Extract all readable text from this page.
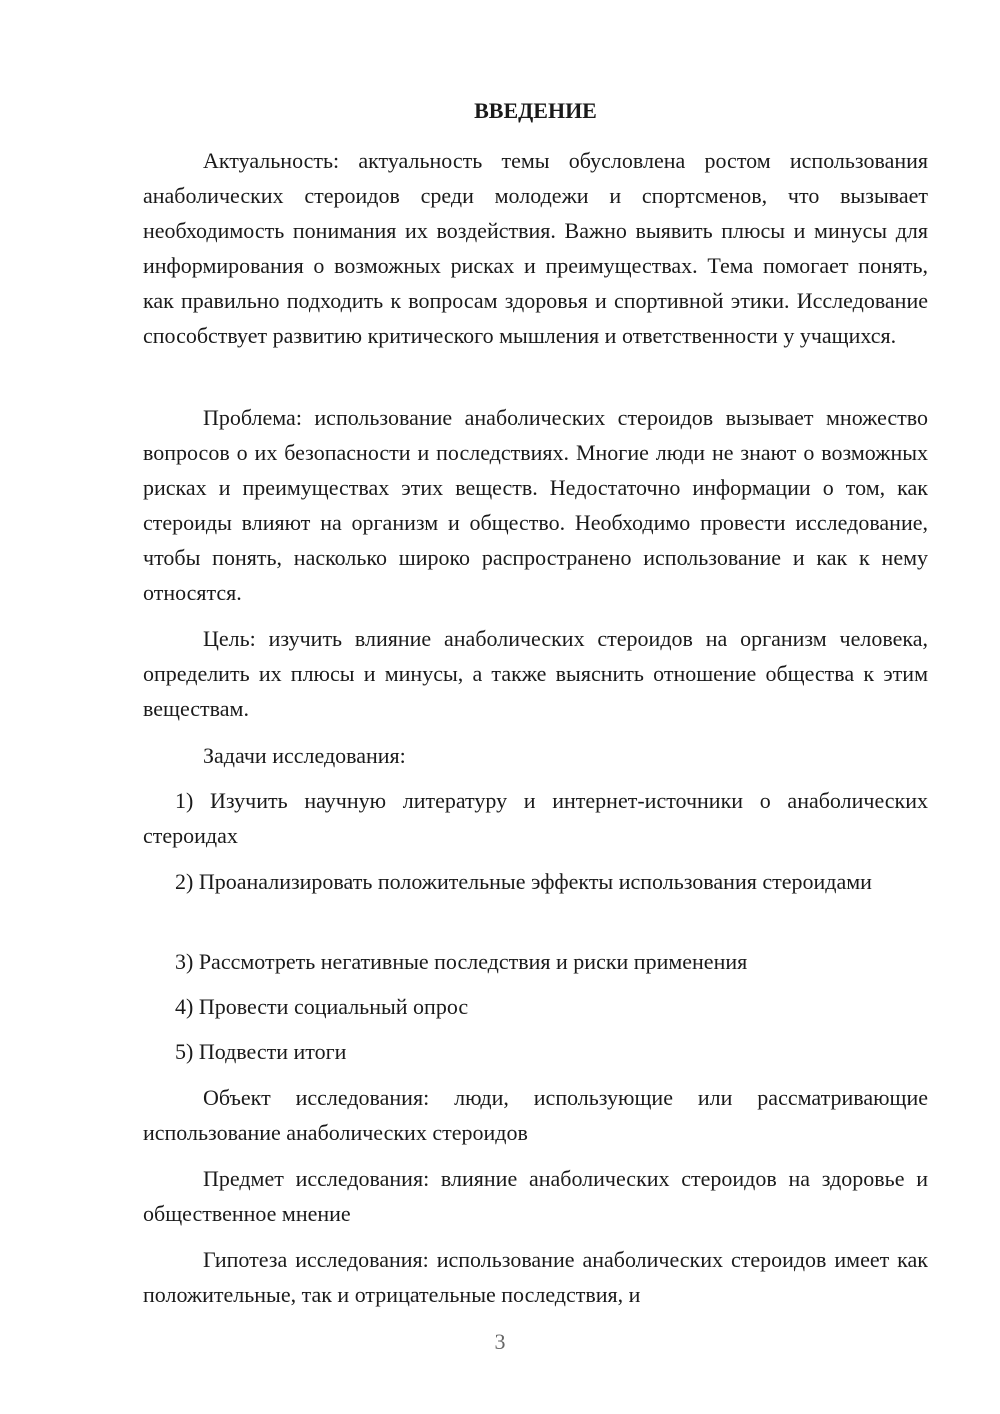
ВВЕДЕНИЕ

Актуальность: актуальность темы обусловлена ростом использования анаболических стероидов среди молодежи и спортсменов, что вызывает необходимость понимания их воздействия. Важно выявить плюсы и минусы для информирования о возможных рисках и преимуществах. Тема помогает понять, как правильно подходить к вопросам здоровья и спортивной этики. Исследование способствует развитию критического мышления и ответственности у учащихся.

Проблема: использование анаболических стероидов вызывает множество вопросов о их безопасности и последствиях. Многие люди не знают о возможных рисках и преимуществах этих веществ. Недостаточно информации о том, как стероиды влияют на организм и общество. Необходимо провести исследование, чтобы понять, насколько широко распространено использование и как к нему относятся.

Цель: изучить влияние анаболических стероидов на организм человека, определить их плюсы и минусы, а также выяснить отношение общества к этим веществам.

Задачи исследования:

1) Изучить научную литературу и интернет-источники о анаболических стероидах

2) Проанализировать положительные эффекты использования стероидами

3) Рассмотреть негативные последствия и риски применения

4) Провести социальный опрос

5) Подвести итоги

Объект исследования: люди, использующие или рассматривающие использование анаболических стероидов

Предмет исследования: влияние анаболических стероидов на здоровье и общественное мнение

Гипотеза исследования: использование анаболических стероидов имеет как положительные, так и отрицательные последствия, и

3
